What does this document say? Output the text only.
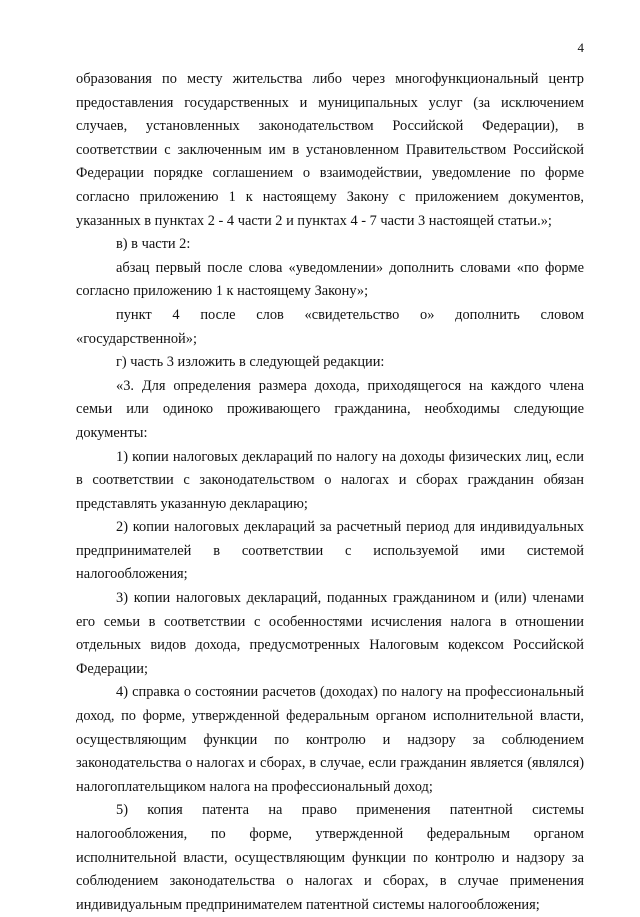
4

образования по месту жительства либо через многофункциональный центр предоставления государственных и муниципальных услуг (за исключением случаев, установленных законодательством Российской Федерации), в соответствии с заключенным им в установленном Правительством Российской Федерации порядке соглашением о взаимодействии, уведомление по форме согласно приложению 1 к настоящему Закону с приложением документов, указанных в пунктах 2 - 4 части 2 и пунктах 4 - 7 части 3 настоящей статьи.»;

в) в части 2:

абзац первый после слова «уведомлении» дополнить словами «по форме согласно приложению 1 к настоящему Закону»;

пункт 4 после слов «свидетельство о» дополнить словом «государственной»;

г) часть 3 изложить в следующей редакции:

«3. Для определения размера дохода, приходящегося на каждого члена семьи или одиноко проживающего гражданина, необходимы следующие документы:

1) копии налоговых деклараций по налогу на доходы физических лиц, если в соответствии с законодательством о налогах и сборах гражданин обязан представлять указанную декларацию;

2) копии налоговых деклараций за расчетный период для индивидуальных предпринимателей в соответствии с используемой ими системой налогообложения;

3) копии налоговых деклараций, поданных гражданином и (или) членами его семьи в соответствии с особенностями исчисления налога в отношении отдельных видов дохода, предусмотренных Налоговым кодексом Российской Федерации;

4) справка о состоянии расчетов (доходах) по налогу на профессиональный доход, по форме, утвержденной федеральным органом исполнительной власти, осуществляющим функции по контролю и надзору за соблюдением законодательства о налогах и сборах, в случае, если гражданин является (являлся) налогоплательщиком налога на профессиональный доход;

5) копия патента на право применения патентной системы налогообложения, по форме, утвержденной федеральным органом исполнительной власти, осуществляющим функции по контролю и надзору за соблюдением законодательства о налогах и сборах, в случае применения индивидуальным предпринимателем патентной системы налогообложения;
